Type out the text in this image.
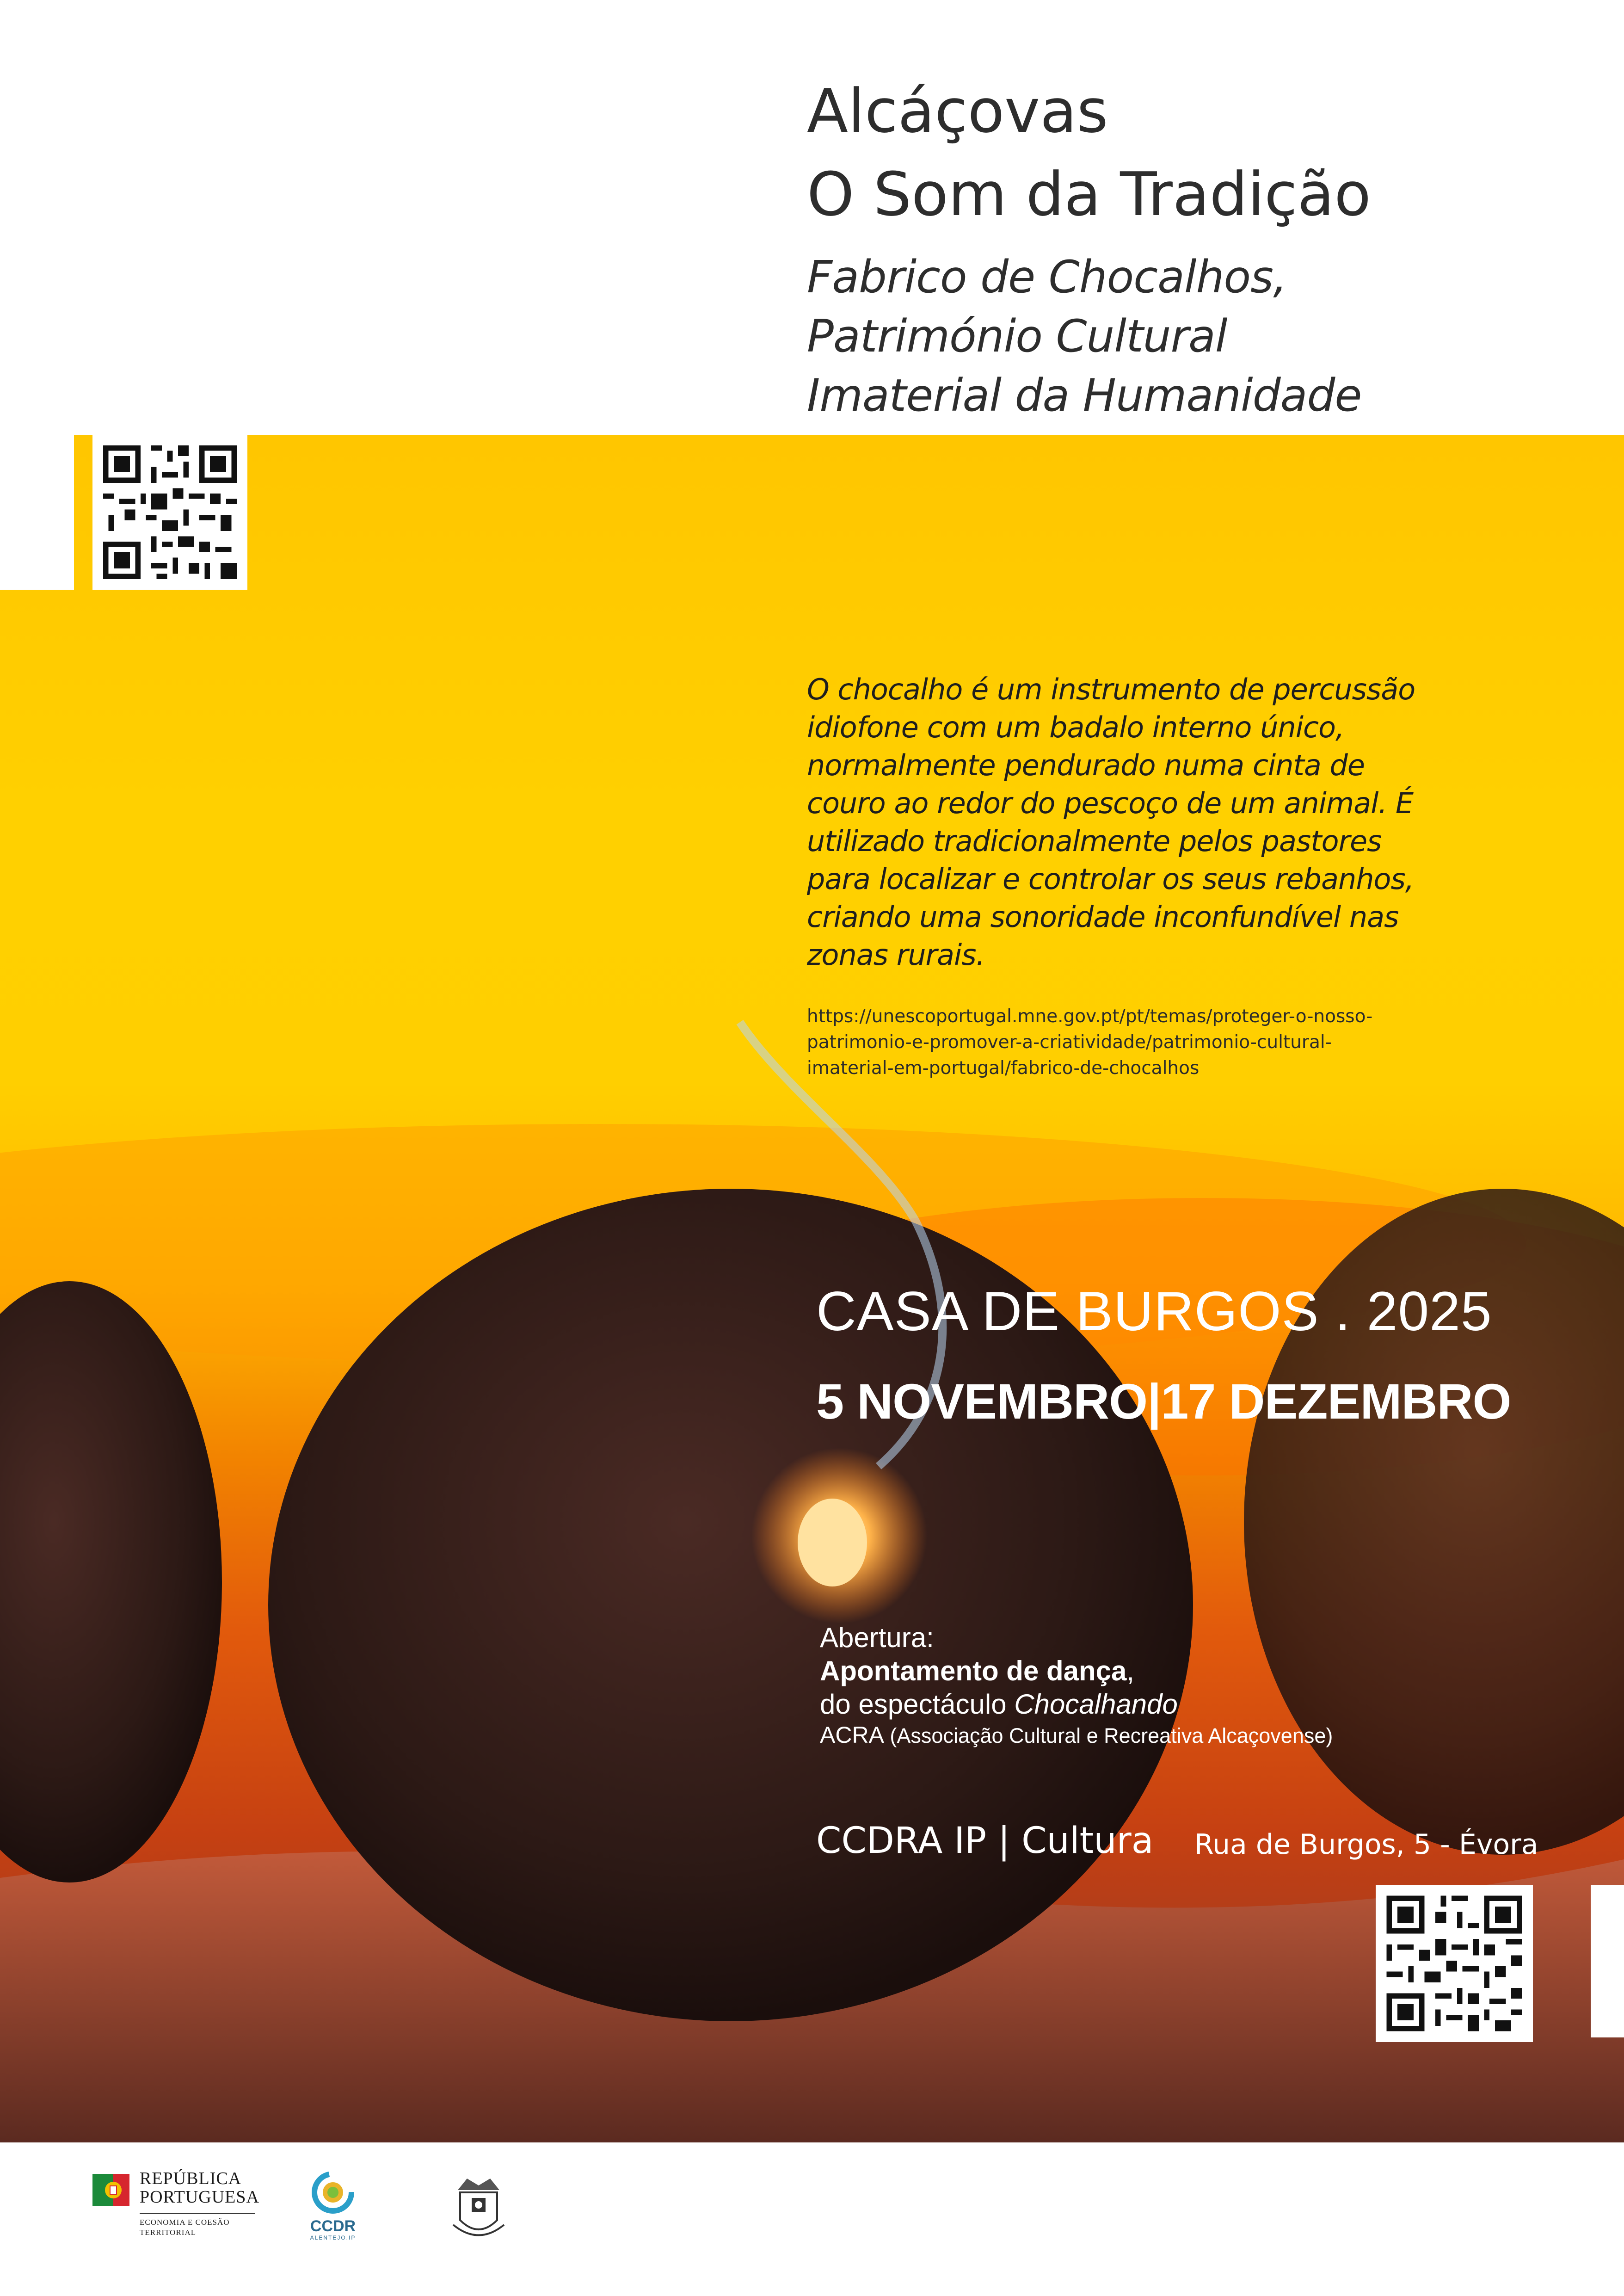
Alcáçovas
O Som da Tradição
Fabrico de Chocalhos,
Património Cultural
Imaterial da Humanidade
O chocalho é um instrumento de percussão
idiofone com um badalo interno único,
normalmente pendurado numa cinta de
couro ao redor do pescoço de um animal. É
utilizado tradicionalmente pelos pastores
para localizar e controlar os seus rebanhos,
criando uma sonoridade inconfundível nas
zonas rurais.
https://unescoportugal.mne.gov.pt/pt/temas/proteger-o-nosso-
patrimonio-e-promover-a-criatividade/patrimonio-cultural-
imaterial-em-portugal/fabrico-de-chocalhos
CASA DE BURGOS . 2025
5 NOVEMBRO|17 DEZEMBRO
Abertura:
Apontamento de dança,
do espectáculo Chocalhando
ACRA (Associação Cultural e Recreativa Alcaçovense)
CCDRA IP | Cultura Rua de Burgos, 5 - Évora
REPÚBLICA
PORTUGUESA
ECONOMIA E COESÃO
TERRITORIAL	CCDR
ALENTEJO.IP
